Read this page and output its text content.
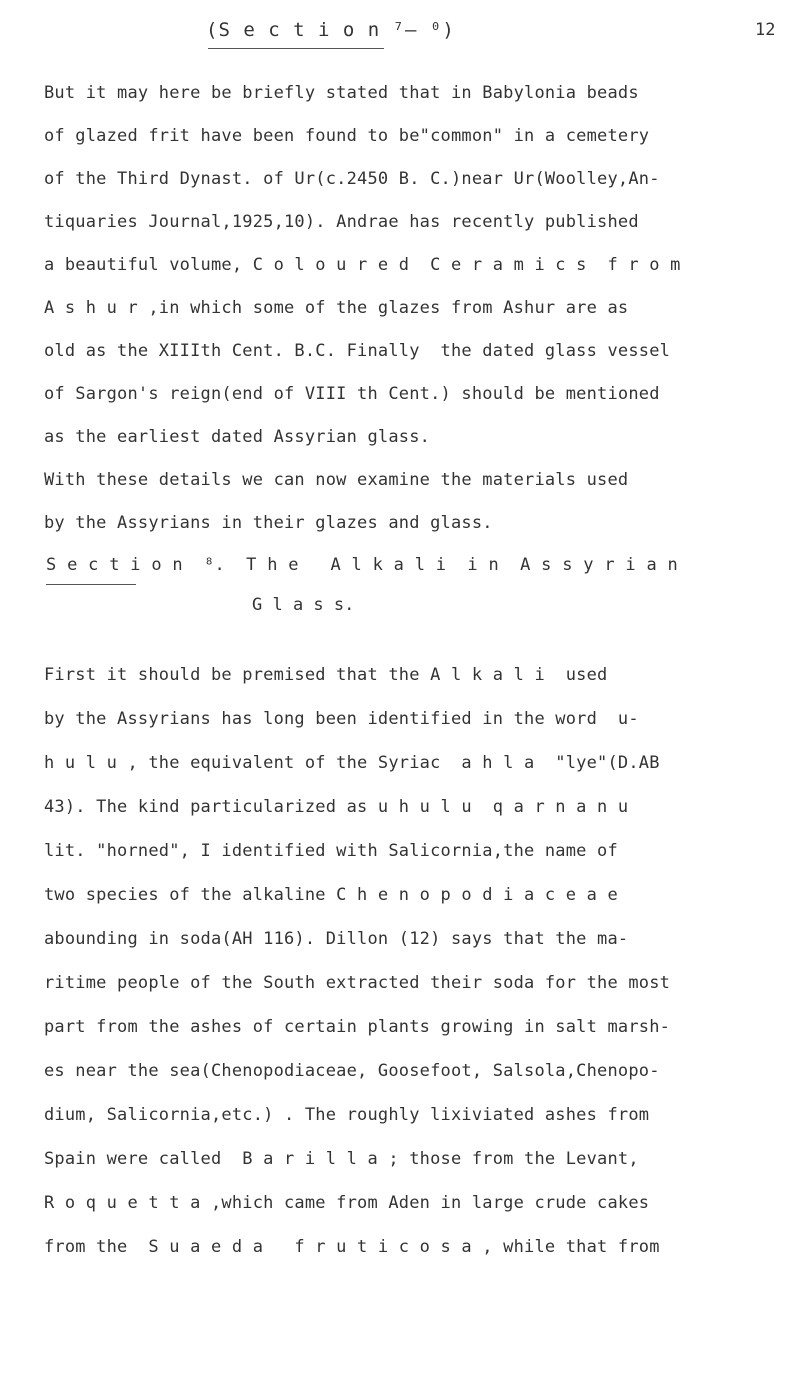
(S e c t i o n ⁷– ⁰)	12
But it may here be briefly stated that in Babylonia beads
of glazed frit have been found to be"common" in a cemetery
of the Third Dynast. of Ur(c.2450 B. C.)near Ur(Woolley,An-
tiquaries Journal,1925,10). Andrae has recently published
a beautiful volume, C o l o u r e d  C e r a m i c s  f r o m
A s h u r ,in which some of the glazes from Ashur are as
old as the XIIIth Cent. B.C. Finally  the dated glass vessel
of Sargon's reign(end of VIII th Cent.) should be mentioned
as the earliest dated Assyrian glass.
With these details we can now examine the materials used
by the Assyrians in their glazes and glass.
S e c t i o n  ⁸.  T h e   A l k a l i  i n  A s s y r i a n
G l a s s.
First it should be premised that the A l k a l i  used
by the Assyrians has long been identified in the word  u-
h u l u , the equivalent of the Syriac  a h l a  "lye"(D.AB
43). The kind particularized as u h u l u  q a r n a n u
lit. "horned", I identified with Salicornia,the name of
two species of the alkaline C h e n o p o d i a c e a e
abounding in soda(AH 116). Dillon (12) says that the ma-
ritime people of the South extracted their soda for the most
part from the ashes of certain plants growing in salt marsh-
es near the sea(Chenopodiaceae, Goosefoot, Salsola,Chenopo-
dium, Salicornia,etc.) . The roughly lixiviated ashes from
Spain were called  B a r i l l a ; those from the Levant,
R o q u e t t a ,which came from Aden in large crude cakes
from the  S u a e d a   f r u t i c o s a , while that from
